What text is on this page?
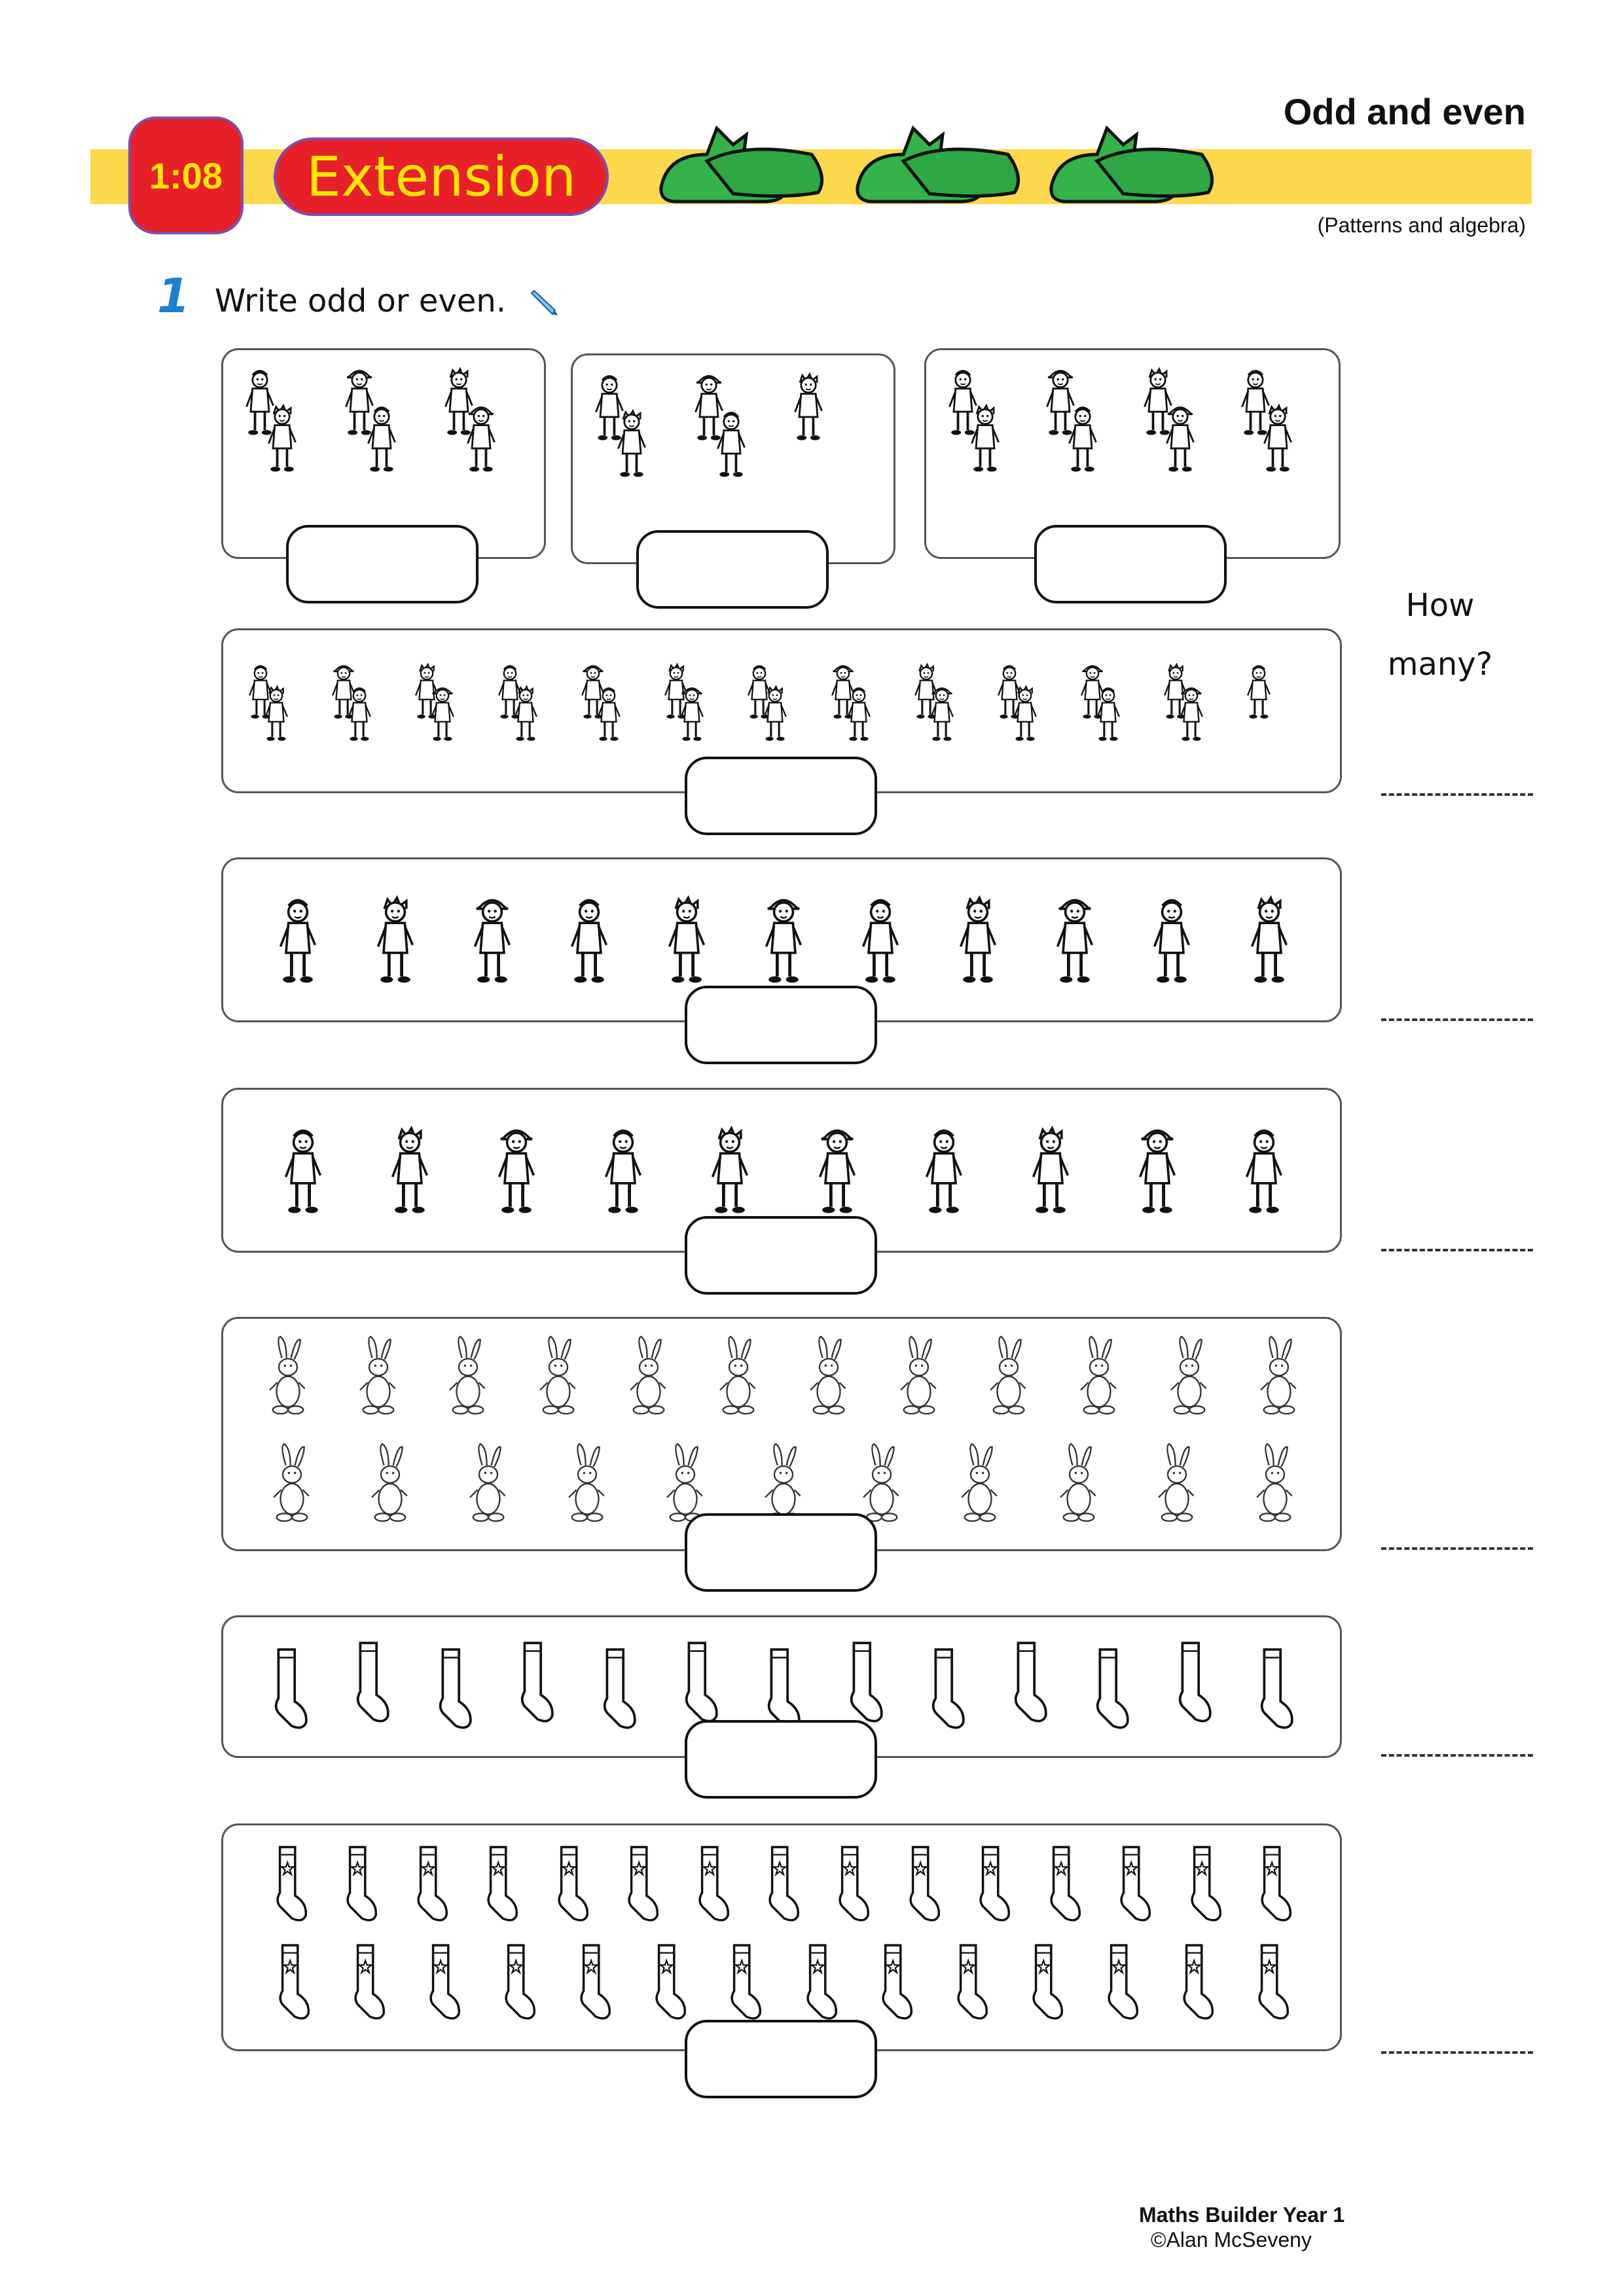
Odd and even
1:08	Extension
(Patterns and algebra)
1 Write odd or even.
How
many?
Maths Builder Year 1
©Alan McSeveny
